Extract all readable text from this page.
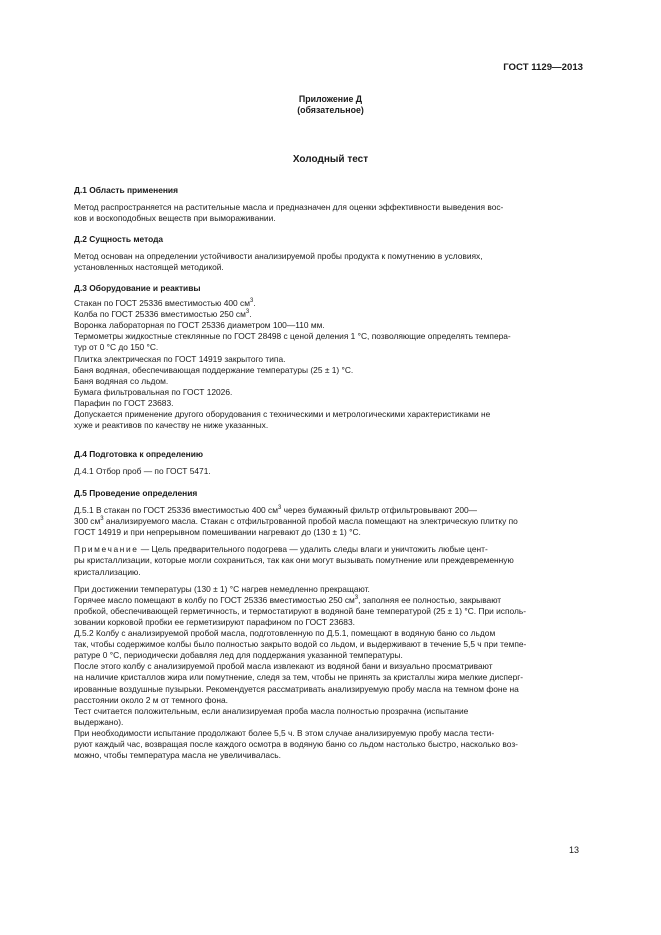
ГОСТ 1129—2013
Приложение Д
(обязательное)
Холодный тест
Д.1 Область применения

Метод распространяется на растительные масла и предназначен для оценки эффективности выведения вос-

ков и воскоподобных веществ при вымораживании.

Д.2 Сущность метода

Метод основан на определении устойчивости анализируемой пробы продукта к помутнению в условиях,

установленных настоящей методикой.

Д.3 Оборудование и реактивы

Стакан по ГОСТ 25336 вместимостью 400 $см^3$.

Колба по ГОСТ 25336 вместимостью 250 $см^3$.

Воронка лабораторная по ГОСТ 25336 диаметром 100—110 мм.

Термометры жидкостные стеклянные по ГОСТ 28498 с ценой деления 1 °С, позволяющие определять темпера-

тур от 0 °С до 150 °С.

Плитка электрическая по ГОСТ 14919 закрытого типа.

Баня водяная, обеспечивающая поддержание температуры (25 ± 1) °С.

Баня водяная со льдом.

Бумага фильтровальная по ГОСТ 12026.

Парафин по ГОСТ 23683.

Допускается применение другого оборудования с техническими и метрологическими характеристиками не

хуже и реактивов по качеству не ниже указанных.

Д.4 Подготовка к определению

Д.4.1 Отбор проб — по ГОСТ 5471.

Д.5 Проведение определения

Д.5.1 В стакан по ГОСТ 25336 вместимостью 400 $см^3$ через бумажный фильтр отфильтровывают 200—

300 $см^3$ анализируемого масла. Стакан с отфильтрованной пробой масла помещают на электрическую плитку по

ГОСТ 14919 и при непрерывном помешивании нагревают до (130 ± 1) °С.

Примечание — Цель предварительного подогрева — удалить следы влаги и уничтожить любые цент-

ры кристаллизации, которые могли сохраниться, так как они могут вызывать помутнение или преждевременную

кристаллизацию.

При достижении температуры (130 ± 1) °С нагрев немедленно прекращают.

Горячее масло помещают в колбу по ГОСТ 25336 вместимостью 250 $см^3$, заполняя ее полностью, закрывают

пробкой, обеспечивающей герметичность, и термостатируют в водяной бане температурой (25 ± 1) °С. При исполь-

зовании корковой пробки ее герметизируют парафином по ГОСТ 23683.

Д.5.2 Колбу с анализируемой пробой масла, подготовленную по Д.5.1, помещают в водяную баню со льдом

так, чтобы содержимое колбы было полностью закрыто водой со льдом, и выдерживают в течение 5,5 ч при темпе-

ратуре 0 °С, периодически добавляя лед для поддержания указанной температуры.

После этого колбу с анализируемой пробой масла извлекают из водяной бани и визуально просматривают

на наличие кристаллов жира или помутнение, следя за тем, чтобы не принять за кристаллы жира мелкие дисперг-

ированные воздушные пузырьки. Рекомендуется рассматривать анализируемую пробу масла на темном фоне на

расстоянии около 2 м от темного фона.

Тест считается положительным, если анализируемая проба масла полностью прозрачна (испытание

выдержано).

При необходимости испытание продолжают более 5,5 ч. В этом случае анализируемую пробу масла тести-

руют каждый час, возвращая после каждого осмотра в водяную баню со льдом настолько быстро, насколько воз-

можно, чтобы температура масла не увеличивалась.

13
